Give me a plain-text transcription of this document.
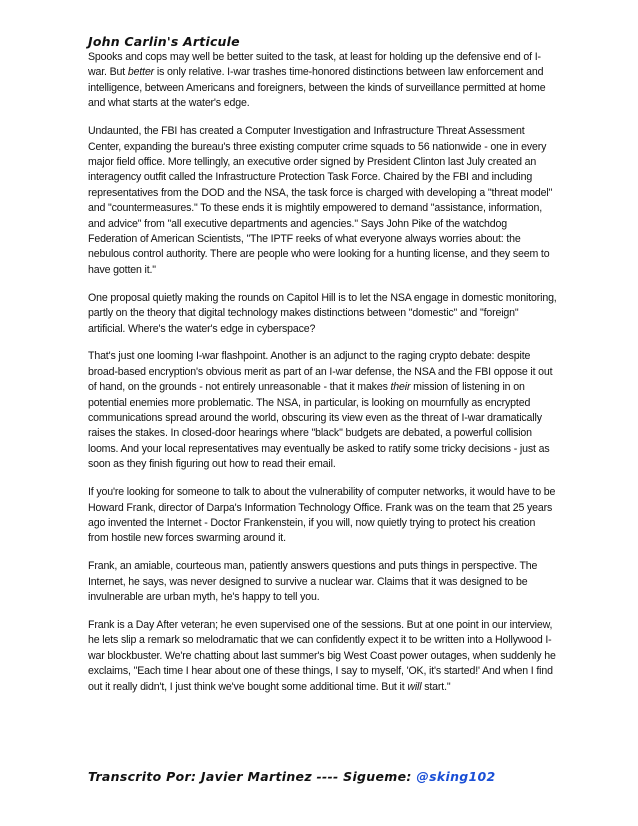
John Carlin's Articule

Spooks and cops may well be better suited to the task, at least for holding up the defensive end of I-war. But better is only relative. I-war trashes time-honored distinctions between law enforcement and intelligence, between Americans and foreigners, between the kinds of surveillance permitted at home and what starts at the water's edge.

Undaunted, the FBI has created a Computer Investigation and Infrastructure Threat Assessment Center, expanding the bureau's three existing computer crime squads to 56 nationwide - one in every major field office. More tellingly, an executive order signed by President Clinton last July created an interagency outfit called the Infrastructure Protection Task Force. Chaired by the FBI and including representatives from the DOD and the NSA, the task force is charged with developing a "threat model" and "countermeasures." To these ends it is mightily empowered to demand "assistance, information, and advice" from "all executive departments and agencies." Says John Pike of the watchdog Federation of American Scientists, "The IPTF reeks of what everyone always worries about: the nebulous control authority. There are people who were looking for a hunting license, and they seem to have gotten it."

One proposal quietly making the rounds on Capitol Hill is to let the NSA engage in domestic monitoring, partly on the theory that digital technology makes distinctions between "domestic" and "foreign" artificial. Where's the water's edge in cyberspace?

That's just one looming I-war flashpoint. Another is an adjunct to the raging crypto debate: despite broad-based encryption's obvious merit as part of an I-war defense, the NSA and the FBI oppose it out of hand, on the grounds - not entirely unreasonable - that it makes their mission of listening in on potential enemies more problematic. The NSA, in particular, is looking on mournfully as encrypted communications spread around the world, obscuring its view even as the threat of I-war dramatically raises the stakes. In closed-door hearings where "black" budgets are debated, a powerful collision looms. And your local representatives may eventually be asked to ratify some tricky decisions - just as soon as they finish figuring out how to read their email.

If you're looking for someone to talk to about the vulnerability of computer networks, it would have to be Howard Frank, director of Darpa's Information Technology Office. Frank was on the team that 25 years ago invented the Internet - Doctor Frankenstein, if you will, now quietly trying to protect his creation from hostile new forces swarming around it.

Frank, an amiable, courteous man, patiently answers questions and puts things in perspective. The Internet, he says, was never designed to survive a nuclear war. Claims that it was designed to be invulnerable are urban myth, he's happy to tell you.

Frank is a Day After veteran; he even supervised one of the sessions. But at one point in our interview, he lets slip a remark so melodramatic that we can confidently expect it to be written into a Hollywood I-war blockbuster. We're chatting about last summer's big West Coast power outages, when suddenly he exclaims, "Each time I hear about one of these things, I say to myself, 'OK, it's started!' And when I find out it really didn't, I just think we've bought some additional time. But it will start."

Transcrito Por: Javier Martinez ---- Sigueme: @sking102
